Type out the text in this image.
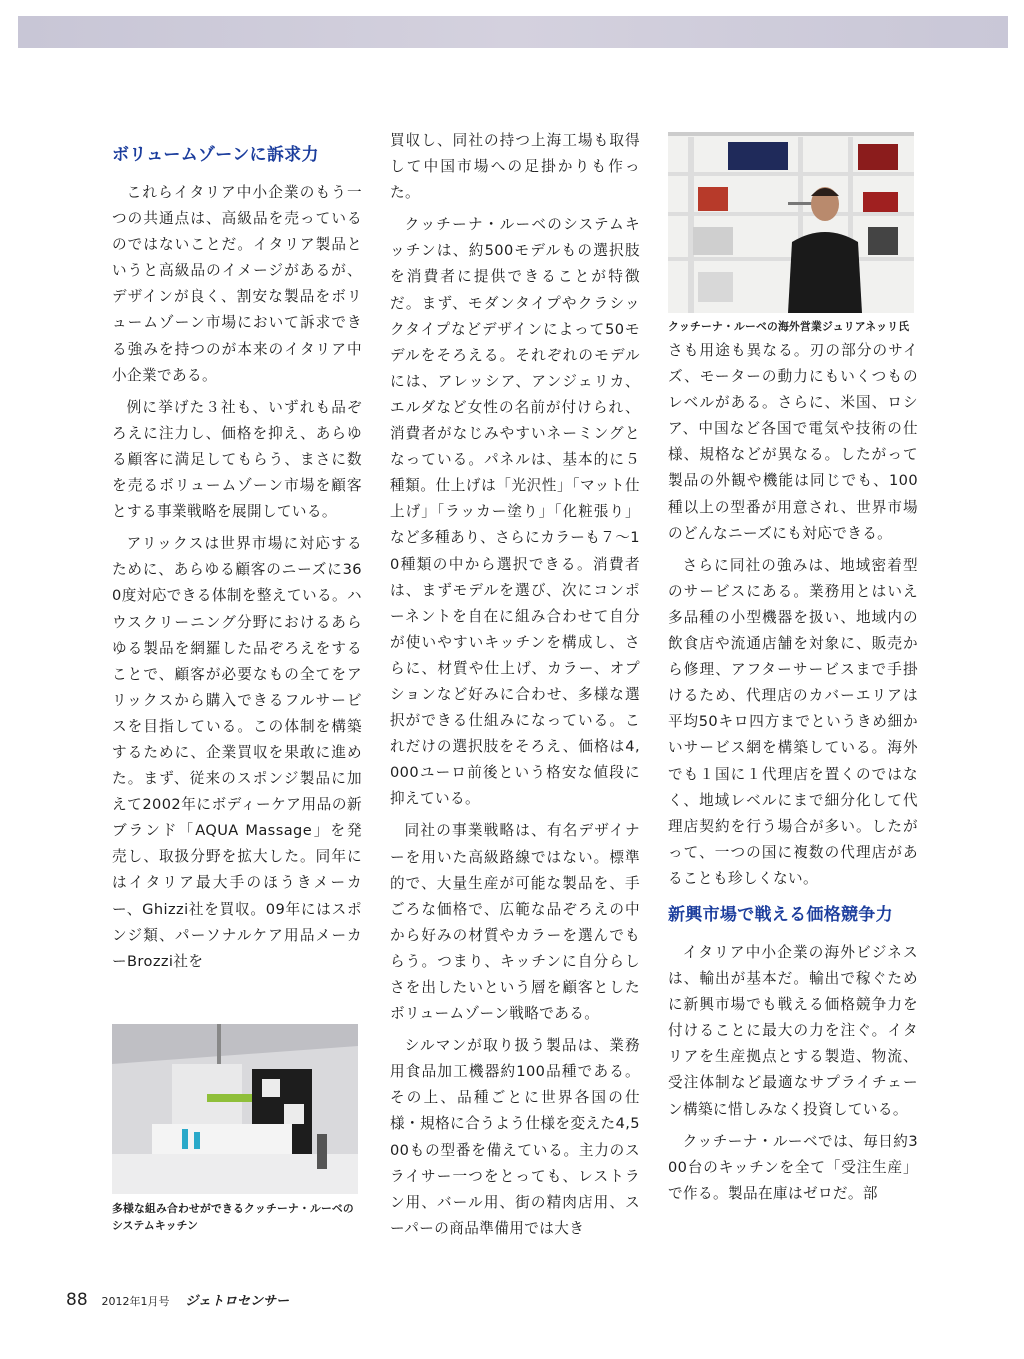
ボリュームゾーンに訴求力

これらイタリア中小企業のもう一つの共通点は、高級品を売っているのではないことだ。イタリア製品というと高級品のイメージがあるが、デザインが良く、割安な製品をボリュームゾーン市場において訴求できる強みを持つのが本来のイタリア中小企業である。

例に挙げた３社も、いずれも品ぞろえに注力し、価格を抑え、あらゆる顧客に満足してもらう、まさに数を売るボリュームゾーン市場を顧客とする事業戦略を展開している。

アリックスは世界市場に対応するために、あらゆる顧客のニーズに360度対応できる体制を整えている。ハウスクリーニング分野におけるあらゆる製品を網羅した品ぞろえをすることで、顧客が必要なもの全てをアリックスから購入できるフルサービスを目指している。この体制を構築するために、企業買収を果敢に進めた。まず、従来のスポンジ製品に加えて2002年にボディーケア用品の新ブランド「AQUA Massage」を発売し、取扱分野を拡大した。同年にはイタリア最大手のほうきメーカー、Ghizzi社を買収。09年にはスポンジ類、パーソナルケア用品メーカーBrozzi社を

多様な組み合わせができるクッチーナ・ルーベのシステムキッチン

買収し、同社の持つ上海工場も取得して中国市場への足掛かりも作った。

クッチーナ・ルーベのシステムキッチンは、約500モデルもの選択肢を消費者に提供できることが特徴だ。まず、モダンタイプやクラシックタイプなどデザインによって50モデルをそろえる。それぞれのモデルには、アレッシア、アンジェリカ、エルダなど女性の名前が付けられ、消費者がなじみやすいネーミングとなっている。パネルは、基本的に５種類。仕上げは「光沢性」「マット仕上げ」「ラッカー塗り」「化粧張り」など多種あり、さらにカラーも７～10種類の中から選択できる。消費者は、まずモデルを選び、次にコンポーネントを自在に組み合わせて自分が使いやすいキッチンを構成し、さらに、材質や仕上げ、カラー、オプションなど好みに合わせ、多様な選択ができる仕組みになっている。これだけの選択肢をそろえ、価格は4,000ユーロ前後という格安な値段に抑えている。

同社の事業戦略は、有名デザイナーを用いた高級路線ではない。標準的で、大量生産が可能な製品を、手ごろな価格で、広範な品ぞろえの中から好みの材質やカラーを選んでもらう。つまり、キッチンに自分らしさを出したいという層を顧客としたボリュームゾーン戦略である。

シルマンが取り扱う製品は、業務用食品加工機器約100品種である。その上、品種ごとに世界各国の仕様・規格に合うよう仕様を変えた4,500もの型番を備えている。主力のスライサー一つをとっても、レストラン用、バール用、街の精肉店用、スーパーの商品準備用では大き

クッチーナ・ルーベの海外営業ジュリアネッリ氏

さも用途も異なる。刃の部分のサイズ、モーターの動力にもいくつものレベルがある。さらに、米国、ロシア、中国など各国で電気や技術の仕様、規格などが異なる。したがって製品の外観や機能は同じでも、100種以上の型番が用意され、世界市場のどんなニーズにも対応できる。

さらに同社の強みは、地域密着型のサービスにある。業務用とはいえ多品種の小型機器を扱い、地域内の飲食店や流通店舗を対象に、販売から修理、アフターサービスまで手掛けるため、代理店のカバーエリアは平均50キロ四方までというきめ細かいサービス網を構築している。海外でも１国に１代理店を置くのではなく、地域レベルにまで細分化して代理店契約を行う場合が多い。したがって、一つの国に複数の代理店があることも珍しくない。

新興市場で戦える価格競争力

イタリア中小企業の海外ビジネスは、輸出が基本だ。輸出で稼ぐために新興市場でも戦える価格競争力を付けることに最大の力を注ぐ。イタリアを生産拠点とする製造、物流、受注体制など最適なサプライチェーン構築に惜しみなく投資している。

クッチーナ・ルーベでは、毎日約300台のキッチンを全て「受注生産」で作る。製品在庫はゼロだ。部

88 2012年1月号 ジェトロセンサー
